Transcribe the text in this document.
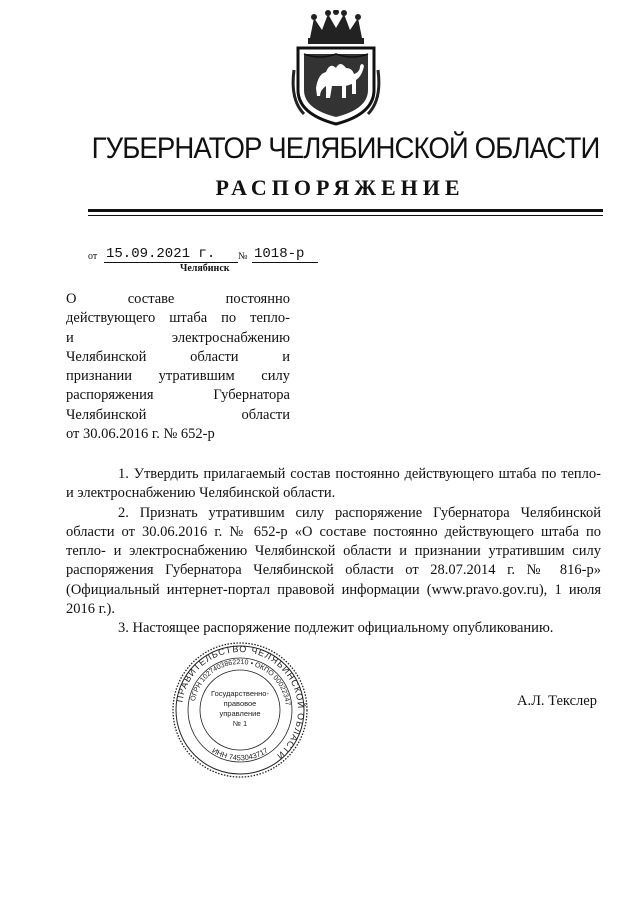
ГУБЕРНАТОР ЧЕЛЯБИНСКОЙ ОБЛАСТИ
РАСПОРЯЖЕНИЕ
от 15.09.2021 г.	№ 1018-р
Челябинск
О составе постоянно
действующего штаба по тепло-
и электроснабжению
Челябинской области и
признании утратившим силу
распоряжения Губернатора
Челябинской области
от 30.06.2016 г. № 652-р

1. Утвердить прилагаемый состав постоянно действующего штаба по тепло- и электроснабжению Челябинской области.

2. Признать утратившим силу распоряжение Губернатора Челябинской области от 30.06.2016 г. № 652-р «О составе постоянно действующего штаба по тепло- и электроснабжению Челябинской области и признании утратившим силу распоряжения Губернатора Челябинской области от 28.07.2014 г. № 816-р» (Официальный интернет-портал правовой информации (www.pravo.gov.ru), 1 июля 2016 г.).

3. Настоящее распоряжение подлежит официальному опубликованию.

ПРАВИТЕЛЬСТВО ЧЕЛЯБИНСКОЙ ОБЛАСТИ
ОГРН 1027403862210 • ОКПО 00022347
ИНН 7453043717
Государственно-
правовое
управление
№ 1
А.Л. Текслер
